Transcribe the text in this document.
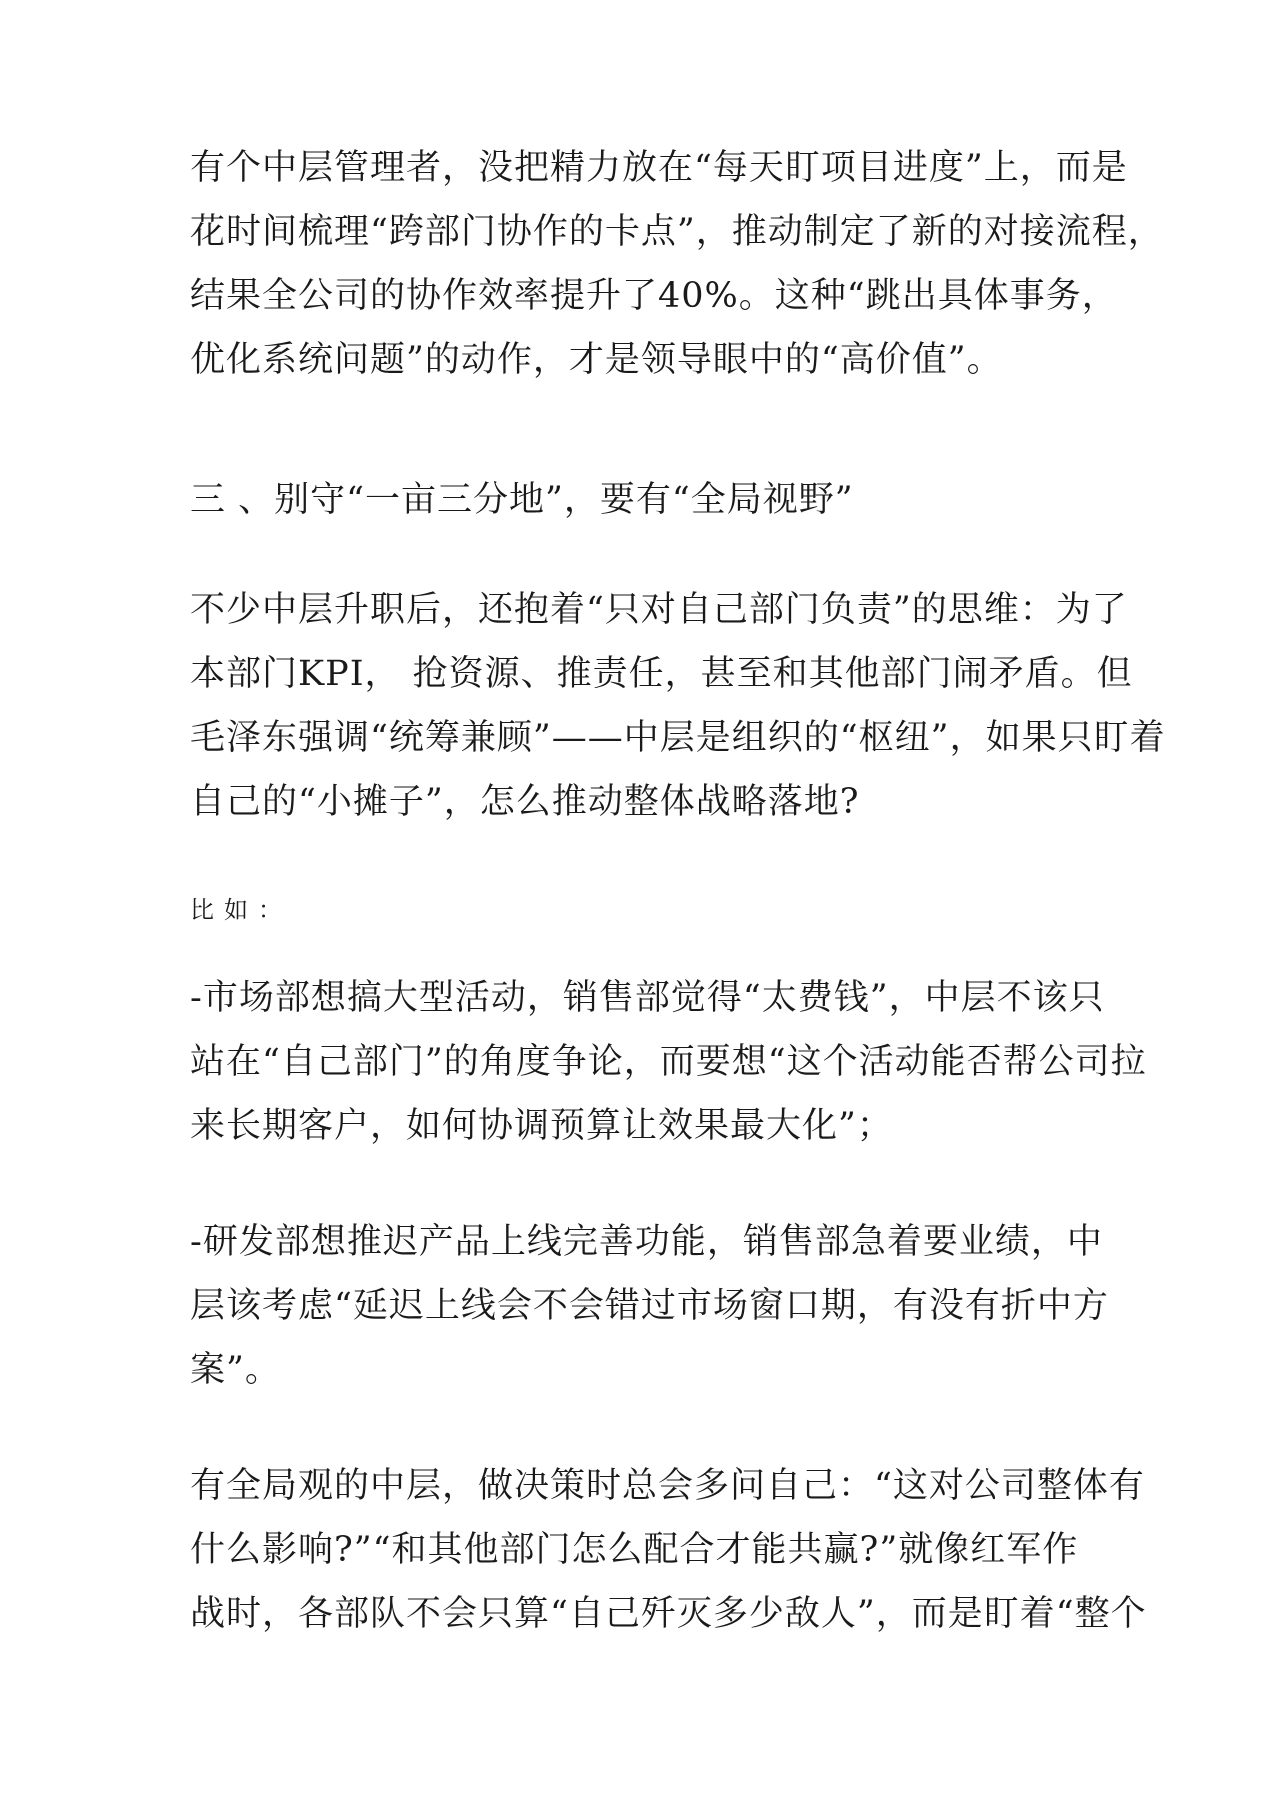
有个中层管理者，没把精力放在“每天盯项目进度”上，而是
花时间梳理“跨部门协作的卡点”，推动制定了新的对接流程，
结果全公司的协作效率提升了40%。这种“跳出具体事务，
优化系统问题”的动作，才是领导眼中的“高价值”。
三 、别守“一亩三分地”，要有“全局视野”
不少中层升职后，还抱着“只对自己部门负责”的思维：为了
本部门KPI， 抢资源、推责任，甚至和其他部门闹矛盾。但
毛泽东强调“统筹兼顾”——中层是组织的“枢纽”，如果只盯着
自己的“小摊子”，怎么推动整体战略落地?
比如：
-市场部想搞大型活动，销售部觉得“太费钱”，中层不该只
站在“自己部门”的角度争论，而要想“这个活动能否帮公司拉
来长期客户，如何协调预算让效果最大化”；
-研发部想推迟产品上线完善功能，销售部急着要业绩，中
层该考虑“延迟上线会不会错过市场窗口期，有没有折中方
案”。
有全局观的中层，做决策时总会多问自己：“这对公司整体有
什么影响?”“和其他部门怎么配合才能共赢?”就像红军作
战时，各部队不会只算“自己歼灭多少敌人”，而是盯着“整个
